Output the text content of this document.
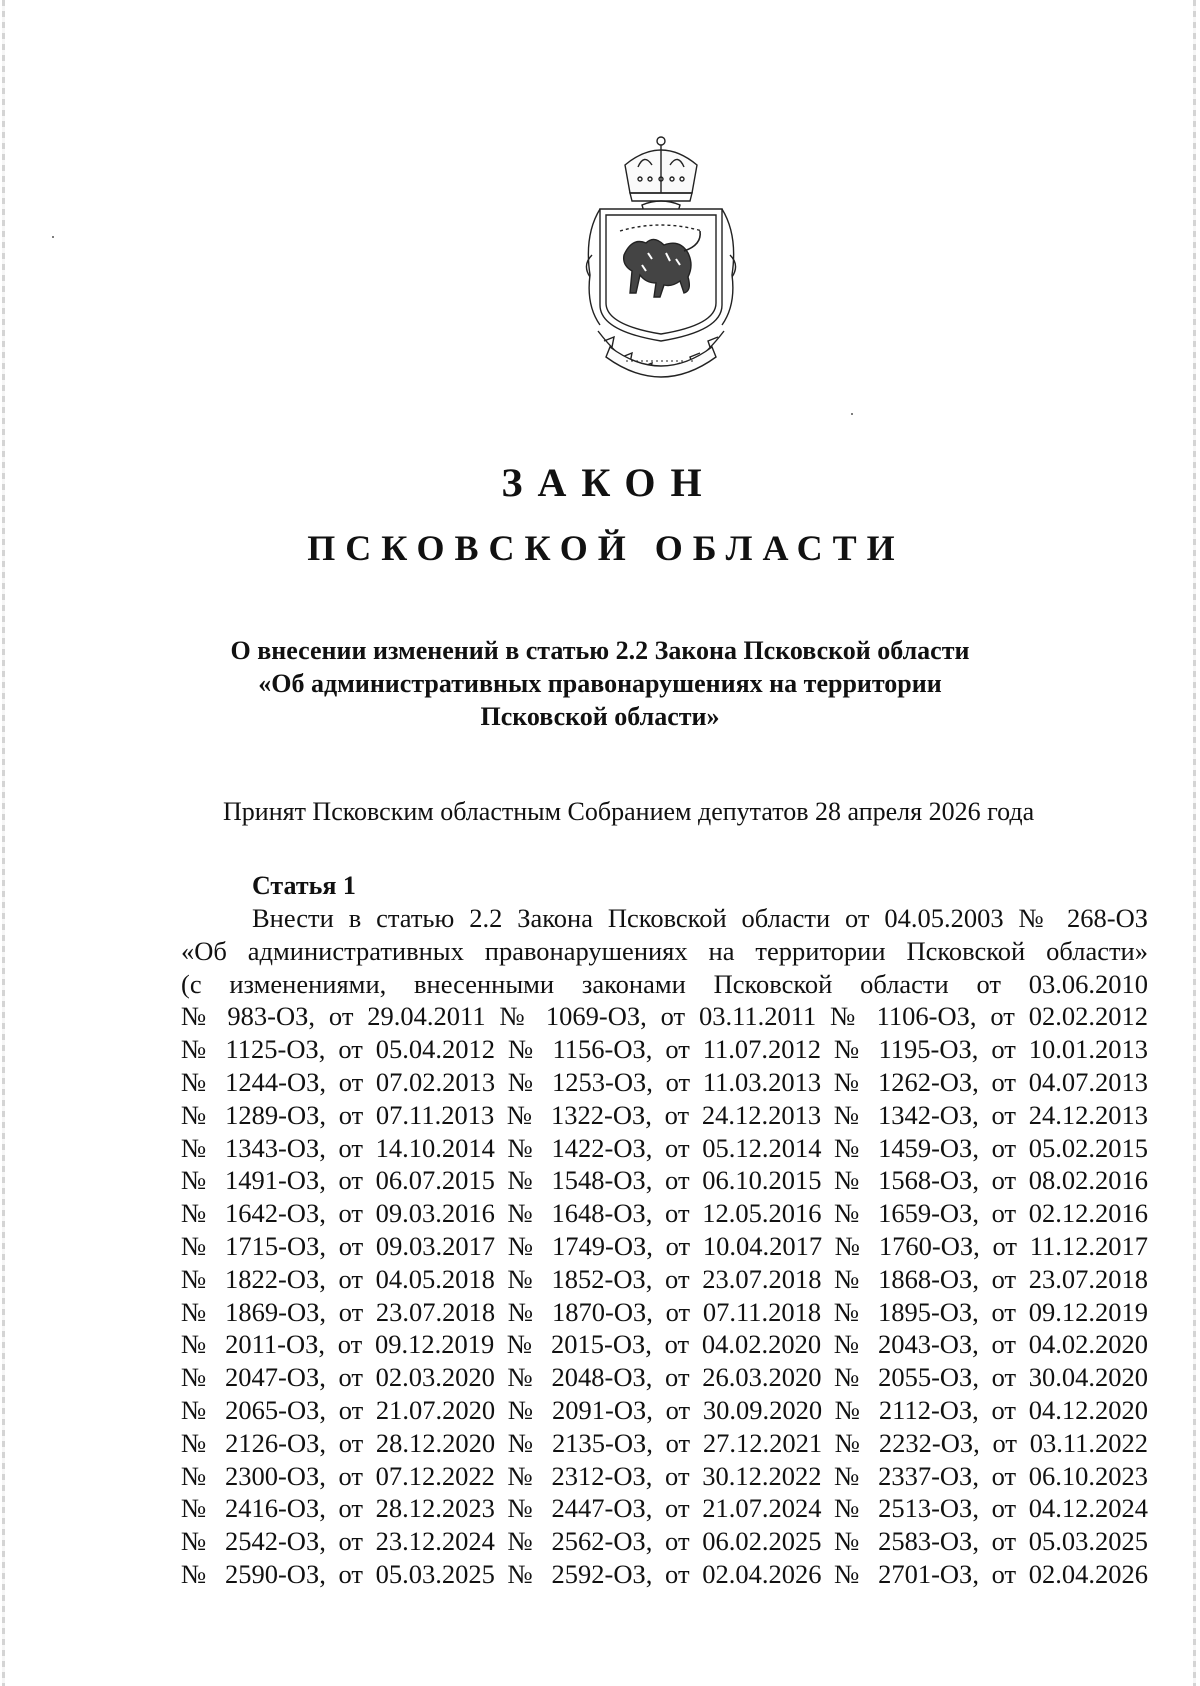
ЗАКОН
ПСКОВСКОЙ ОБЛАСТИ
О внесении изменений в статью 2.2 Закона Псковской области
«Об административных правонарушениях на территории
Псковской области»
Принят Псковским областным Собранием депутатов 28 апреля 2026 года
Статья 1
Внести в статью 2.2 Закона Псковской области от 04.05.2003 № 268-ОЗ
«Об административных правонарушениях на территории Псковской области»
(с изменениями, внесенными законами Псковской области от 03.06.2010
№ 983-ОЗ, от 29.04.2011 № 1069-ОЗ, от 03.11.2011 № 1106-ОЗ, от 02.02.2012
№ 1125-ОЗ, от 05.04.2012 № 1156-ОЗ, от 11.07.2012 № 1195-ОЗ, от 10.01.2013
№ 1244-ОЗ, от 07.02.2013 № 1253-ОЗ, от 11.03.2013 № 1262-ОЗ, от 04.07.2013
№ 1289-ОЗ, от 07.11.2013 № 1322-ОЗ, от 24.12.2013 № 1342-ОЗ, от 24.12.2013
№ 1343-ОЗ, от 14.10.2014 № 1422-ОЗ, от 05.12.2014 № 1459-ОЗ, от 05.02.2015
№ 1491-ОЗ, от 06.07.2015 № 1548-ОЗ, от 06.10.2015 № 1568-ОЗ, от 08.02.2016
№ 1642-ОЗ, от 09.03.2016 № 1648-ОЗ, от 12.05.2016 № 1659-ОЗ, от 02.12.2016
№ 1715-ОЗ, от 09.03.2017 № 1749-ОЗ, от 10.04.2017 № 1760-ОЗ, от 11.12.2017
№ 1822-ОЗ, от 04.05.2018 № 1852-ОЗ, от 23.07.2018 № 1868-ОЗ, от 23.07.2018
№ 1869-ОЗ, от 23.07.2018 № 1870-ОЗ, от 07.11.2018 № 1895-ОЗ, от 09.12.2019
№ 2011-ОЗ, от 09.12.2019 № 2015-ОЗ, от 04.02.2020 № 2043-ОЗ, от 04.02.2020
№ 2047-ОЗ, от 02.03.2020 № 2048-ОЗ, от 26.03.2020 № 2055-ОЗ, от 30.04.2020
№ 2065-ОЗ, от 21.07.2020 № 2091-ОЗ, от 30.09.2020 № 2112-ОЗ, от 04.12.2020
№ 2126-ОЗ, от 28.12.2020 № 2135-ОЗ, от 27.12.2021 № 2232-ОЗ, от 03.11.2022
№ 2300-ОЗ, от 07.12.2022 № 2312-ОЗ, от 30.12.2022 № 2337-ОЗ, от 06.10.2023
№ 2416-ОЗ, от 28.12.2023 № 2447-ОЗ, от 21.07.2024 № 2513-ОЗ, от 04.12.2024
№ 2542-ОЗ, от 23.12.2024 № 2562-ОЗ, от 06.02.2025 № 2583-ОЗ, от 05.03.2025
№ 2590-ОЗ, от 05.03.2025 № 2592-ОЗ, от 02.04.2026 № 2701-ОЗ, от 02.04.2026
